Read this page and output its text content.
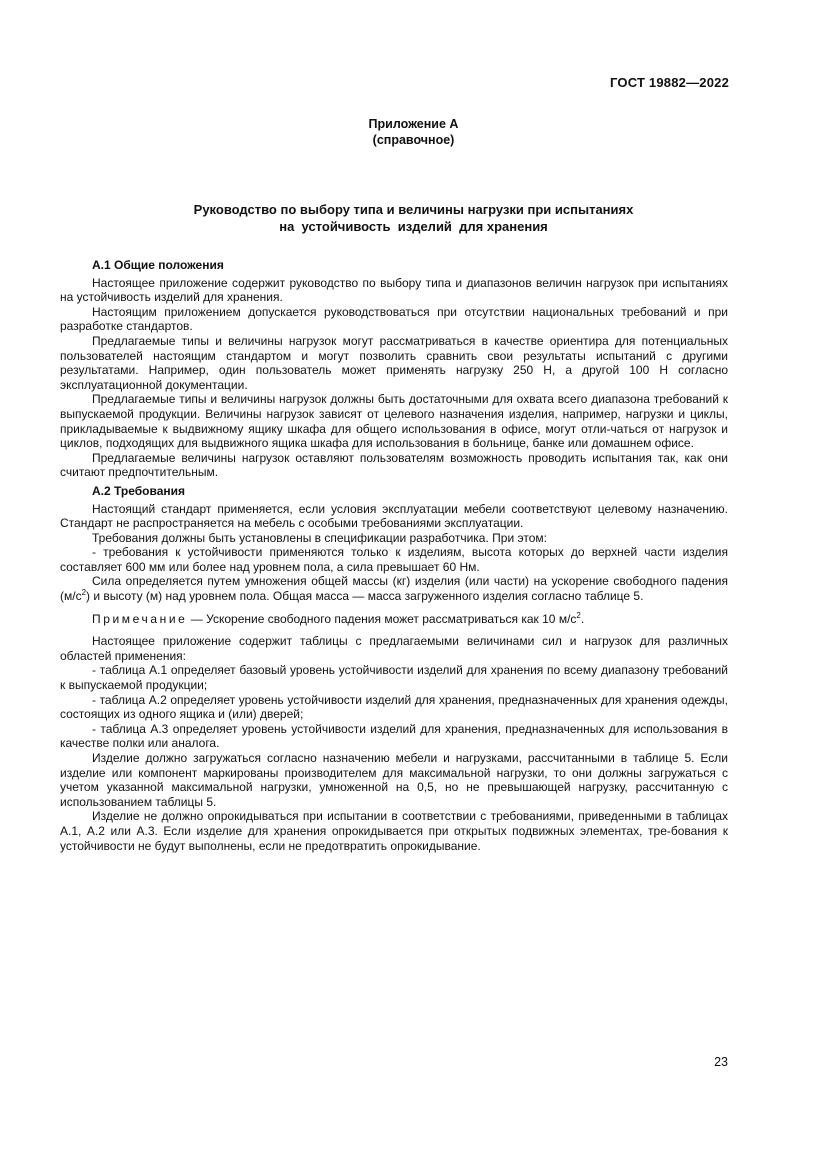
ГОСТ 19882—2022
Приложение А
(справочное)
Руководство по выбору типа и величины нагрузки при испытаниях
на  устойчивость  изделий  для хранения
А.1 Общие положения

Настоящее приложение содержит руководство по выбору типа и диапазонов величин нагрузок при испытаниях на устойчивость изделий для хранения.

Настоящим приложением допускается руководствоваться при отсутствии национальных требований и при разработке стандартов.

Предлагаемые типы и величины нагрузок могут рассматриваться в качестве ориентира для потенциальных пользователей настоящим стандартом и могут позволить сравнить свои результаты испытаний с другими результатами. Например, один пользователь может применять нагрузку 250 Н, а другой 100 Н согласно эксплуатационной документации.

Предлагаемые типы и величины нагрузок должны быть достаточными для охвата всего диапазона требований к выпускаемой продукции. Величины нагрузок зависят от целевого назначения изделия, например, нагрузки и циклы, прикладываемые к выдвижному ящику шкафа для общего использования в офисе, могут отли-чаться от нагрузок и циклов, подходящих для выдвижного ящика шкафа для использования в больнице, банке или домашнем офисе.

Предлагаемые величины нагрузок оставляют пользователям возможность проводить испытания так, как они считают предпочтительным.

А.2 Требования

Настоящий стандарт применяется, если условия эксплуатации мебели соответствуют целевому назначению. Стандарт не распространяется на мебель с особыми требованиями эксплуатации.

Требования должны быть установлены в спецификации разработчика. При этом:

- требования к устойчивости применяются только к изделиям, высота которых до верхней части изделия составляет 600 мм или более над уровнем пола, а сила превышает 60 Нм.

Сила определяется путем умножения общей массы (кг) изделия (или части) на ускорение свободного падения $(м/с^2)$ и высоту (м) над уровнем пола. Общая масса — масса загруженного изделия согласно таблице 5.

Примечание — Ускорение свободного падения может рассматриваться как 10 $м/с^2$.

Настоящее приложение содержит таблицы с предлагаемыми величинами сил и нагрузок для различных областей применения:

- таблица А.1 определяет базовый уровень устойчивости изделий для хранения по всему диапазону требований к выпускаемой продукции;

- таблица А.2 определяет уровень устойчивости изделий для хранения, предназначенных для хранения одежды, состоящих из одного ящика и (или) дверей;

- таблица А.3 определяет уровень устойчивости изделий для хранения, предназначенных для использования в качестве полки или аналога.

Изделие должно загружаться согласно назначению мебели и нагрузками, рассчитанными в таблице 5. Если изделие или компонент маркированы производителем для максимальной нагрузки, то они должны загружаться с учетом указанной максимальной нагрузки, умноженной на 0,5, но не превышающей нагрузку, рассчитанную с использованием таблицы 5.

Изделие не должно опрокидываться при испытании в соответствии с требованиями, приведенными в таблицах А.1, А.2 или А.3. Если изделие для хранения опрокидывается при открытых подвижных элементах, тре-бования к устойчивости не будут выполнены, если не предотвратить опрокидывание.

23
